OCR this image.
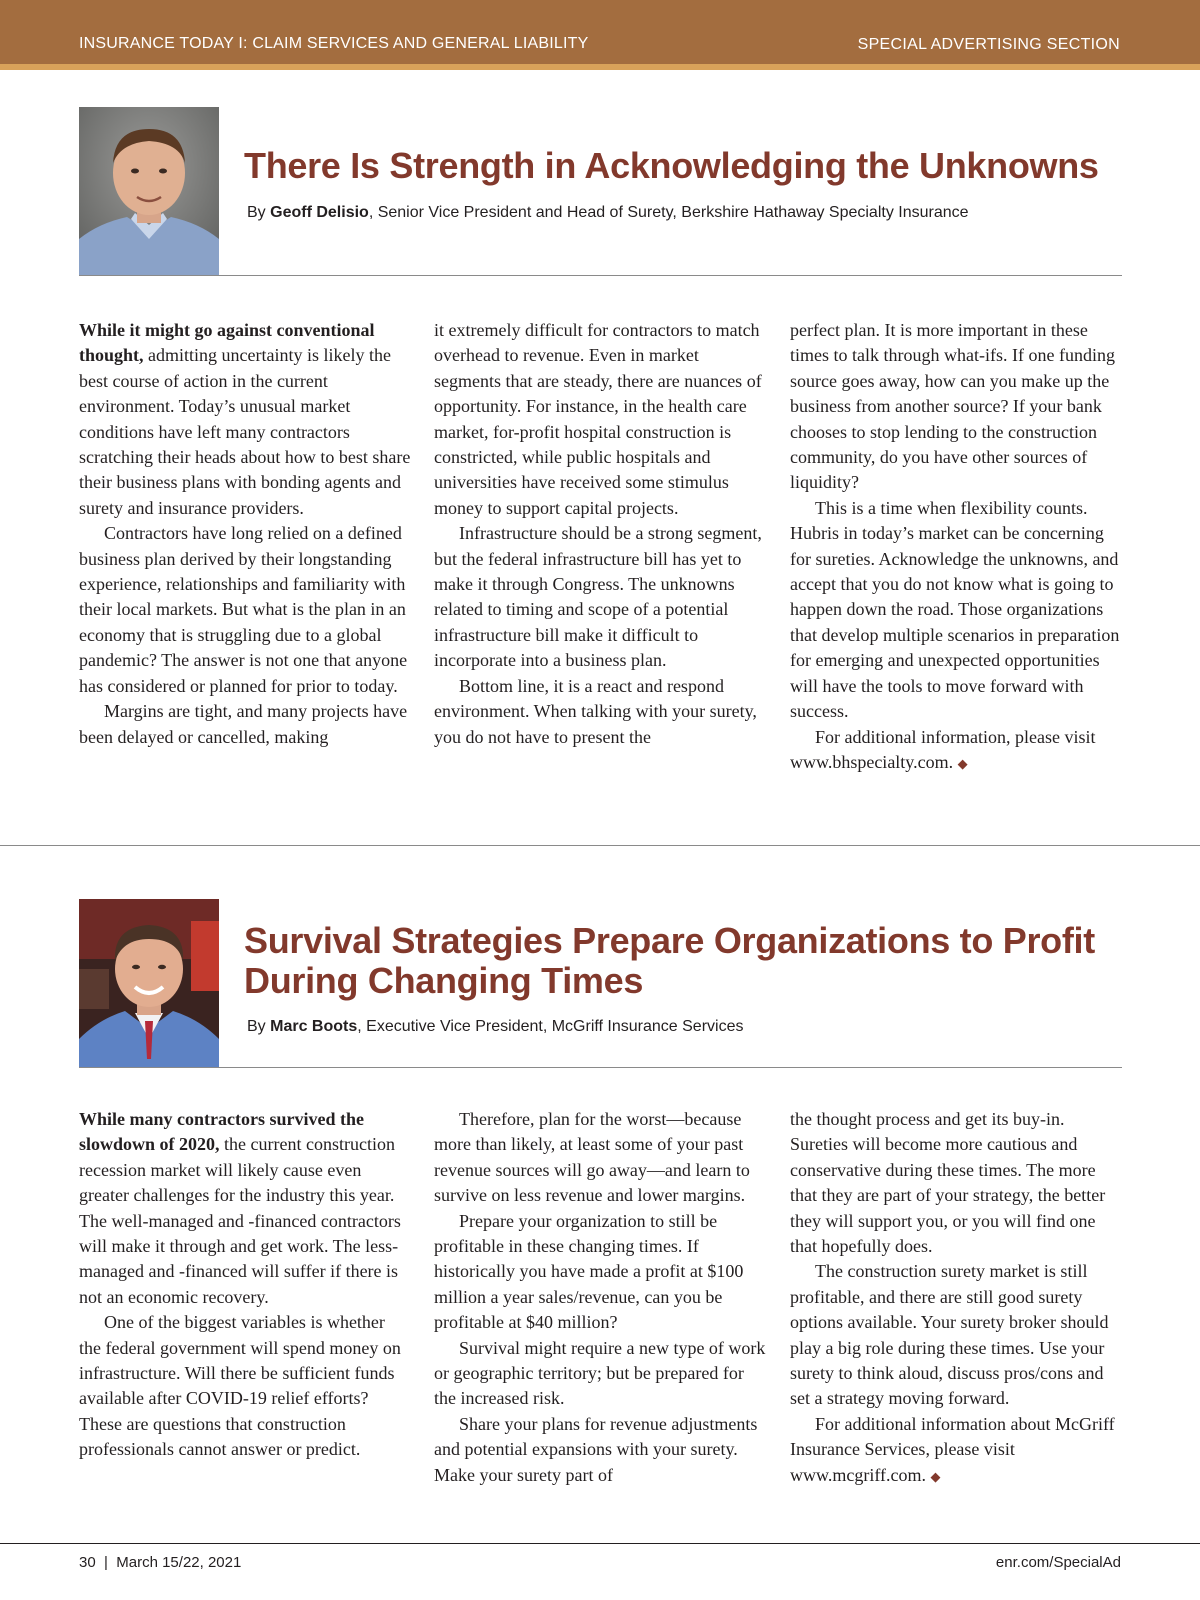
INSURANCE TODAY I: CLAIM SERVICES AND GENERAL LIABILITY	SPECIAL ADVERTISING SECTION
There Is Strength in Acknowledging the Unknowns
By Geoff Delisio, Senior Vice President and Head of Surety, Berkshire Hathaway Specialty Insurance

While it might go against conventional thought, admitting uncertainty is likely the best course of action in the current environment. Today’s unusual market conditions have left many contractors scratching their heads about how to best share their business plans with bonding agents and surety and insurance providers.

Contractors have long relied on a defined business plan derived by their longstanding experience, relationships and familiarity with their local markets. But what is the plan in an economy that is struggling due to a global pandemic? The answer is not one that anyone has considered or planned for prior to today.

Margins are tight, and many projects have been delayed or cancelled, making

it extremely difficult for contractors to match overhead to revenue. Even in market segments that are steady, there are nuances of opportunity. For instance, in the health care market, for-profit hospital construction is constricted, while public hospitals and universities have received some stimulus money to support capital projects.

Infrastructure should be a strong segment, but the federal infrastructure bill has yet to make it through Congress. The unknowns related to timing and scope of a potential infrastructure bill make it difficult to incorporate into a business plan.

Bottom line, it is a react and respond environment. When talking with your surety, you do not have to present the

perfect plan. It is more important in these times to talk through what-ifs. If one funding source goes away, how can you make up the business from another source? If your bank chooses to stop lending to the construction community, do you have other sources of liquidity?

This is a time when flexibility counts. Hubris in today’s market can be concerning for sureties. Acknowledge the unknowns, and accept that you do not know what is going to happen down the road. Those organizations that develop multiple scenarios in preparation for emerging and unexpected opportunities will have the tools to move forward with success.

For additional information, please visit www.bhspecialty.com. ◆

Survival Strategies Prepare Organizations to Profit
During Changing Times
By Marc Boots, Executive Vice President, McGriff Insurance Services

While many contractors survived the slowdown of 2020, the current construction recession market will likely cause even greater challenges for the industry this year. The well-managed and -financed contractors will make it through and get work. The less-managed and -financed will suffer if there is not an economic recovery.

One of the biggest variables is whether the federal government will spend money on infrastructure. Will there be sufficient funds available after COVID-19 relief efforts? These are questions that construction professionals cannot answer or predict.

Therefore, plan for the worst—because more than likely, at least some of your past revenue sources will go away—and learn to survive on less revenue and lower margins.

Prepare your organization to still be profitable in these changing times. If historically you have made a profit at $100 million a year sales/revenue, can you be profitable at $40 million?

Survival might require a new type of work or geographic territory; but be prepared for the increased risk.

Share your plans for revenue adjustments and potential expansions with your surety. Make your surety part of

the thought process and get its buy-in. Sureties will become more cautious and conservative during these times. The more that they are part of your strategy, the better they will support you, or you will find one that hopefully does.

The construction surety market is still profitable, and there are still good surety options available. Your surety broker should play a big role during these times. Use your surety to think aloud, discuss pros/cons and set a strategy moving forward.

For additional information about McGriff Insurance Services, please visit www.mcgriff.com. ◆

30  |  March 15/22, 2021	enr.com/SpecialAd
